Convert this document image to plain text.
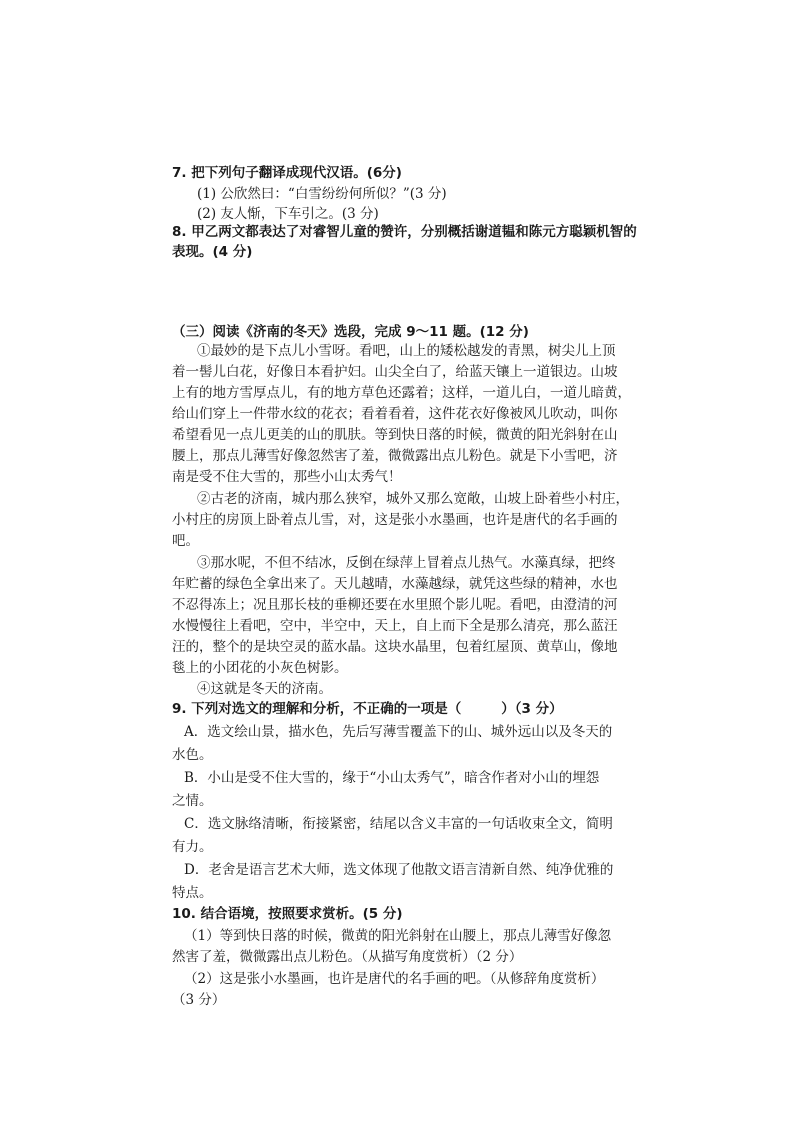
7. 把下列句子翻译成现代汉语。(6分)
(1) 公欣然曰：“白雪纷纷何所似？”(3 分)
(2) 友人惭，下车引之。(3 分)
8. 甲乙两文都表达了对睿智儿童的赞许，分别概括谢道韫和陈元方聪颖机智的
表现。(4 分)
（三）阅读《济南的冬天》选段，完成 9～11 题。(12 分)
①最妙的是下点儿小雪呀。看吧，山上的矮松越发的青黑，树尖儿上顶
着一髻儿白花，好像日本看护妇。山尖全白了，给蓝天镶上一道银边。山坡
上有的地方雪厚点儿，有的地方草色还露着；这样，一道儿白，一道儿暗黄，
给山们穿上一件带水纹的花衣；看着看着，这件花衣好像被风儿吹动，叫你
希望看见一点儿更美的山的肌肤。等到快日落的时候，微黄的阳光斜射在山
腰上，那点儿薄雪好像忽然害了羞，微微露出点儿粉色。就是下小雪吧，济
南是受不住大雪的，那些小山太秀气！
②古老的济南，城内那么狭窄，城外又那么宽敞，山坡上卧着些小村庄，
小村庄的房顶上卧着点儿雪，对，这是张小水墨画，也许是唐代的名手画的
吧。
③那水呢，不但不结冰，反倒在绿萍上冒着点儿热气。水藻真绿，把终
年贮蓄的绿色全拿出来了。天儿越晴，水藻越绿，就凭这些绿的精神，水也
不忍得冻上；况且那长枝的垂柳还要在水里照个影儿呢。看吧，由澄清的河
水慢慢往上看吧，空中，半空中，天上，自上而下全是那么清亮，那么蓝汪
汪的，整个的是块空灵的蓝水晶。这块水晶里，包着红屋顶、黄草山，像地
毯上的小团花的小灰色树影。
④这就是冬天的济南。
9. 下列对选文的理解和分析，不正确的一项是（	）（3 分）
A．选文绘山景，描水色，先后写薄雪覆盖下的山、城外远山以及冬天的
水色。
B．小山是受不住大雪的，缘于“小山太秀气”，暗含作者对小山的埋怨
之情。
C．选文脉络清晰，衔接紧密，结尾以含义丰富的一句话收束全文，简明
有力。
D．老舍是语言艺术大师，选文体现了他散文语言清新自然、纯净优雅的
特点。
10. 结合语境，按照要求赏析。(5 分)
（1）等到快日落的时候，微黄的阳光斜射在山腰上，那点儿薄雪好像忽
然害了羞，微微露出点儿粉色。（从描写角度赏析）（2 分）
（2）这是张小水墨画，也许是唐代的名手画的吧。（从修辞角度赏析）
（3 分）
